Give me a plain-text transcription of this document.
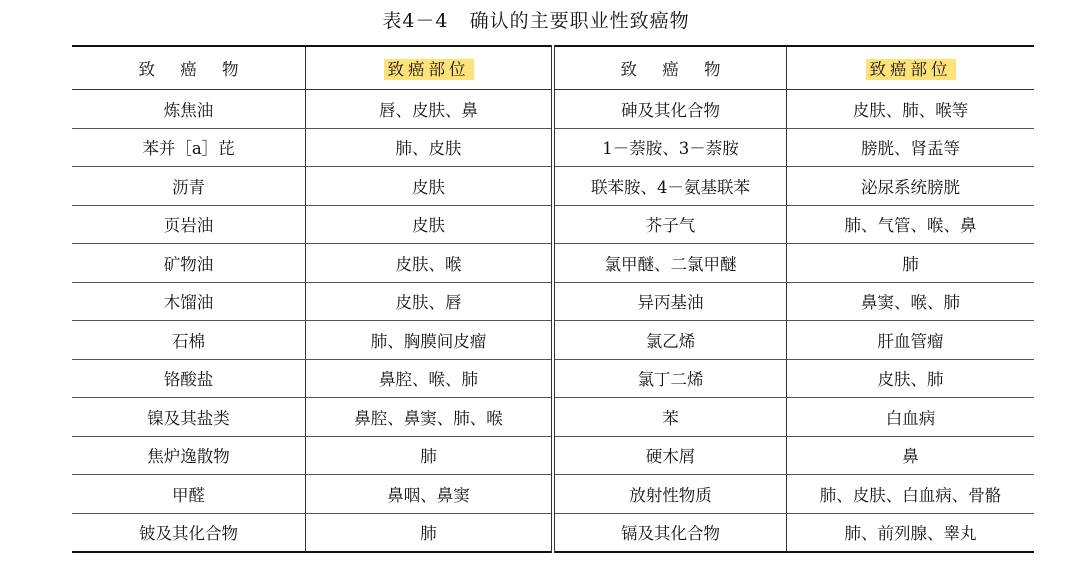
表4－4   确认的主要职业性致癌物
致 癌 物	致癌部位	致 癌 物	致癌部位
炼焦油	唇、皮肤、鼻	砷及其化合物	皮肤、肺、喉等
苯并［a］芘	肺、皮肤	1－萘胺、3－萘胺	膀胱、肾盂等
沥青	皮肤	联苯胺、4－氨基联苯	泌尿系统膀胱
页岩油	皮肤	芥子气	肺、气管、喉、鼻
矿物油	皮肤、喉	氯甲醚、二氯甲醚	肺
木馏油	皮肤、唇	异丙基油	鼻窦、喉、肺
石棉	肺、胸膜间皮瘤	氯乙烯	肝血管瘤
铬酸盐	鼻腔、喉、肺	氯丁二烯	皮肤、肺
镍及其盐类	鼻腔、鼻窦、肺、喉	苯	白血病
焦炉逸散物	肺	硬木屑	鼻
甲醛	鼻咽、鼻窦	放射性物质	肺、皮肤、白血病、骨骼
铍及其化合物	肺	镉及其化合物	肺、前列腺、睾丸
